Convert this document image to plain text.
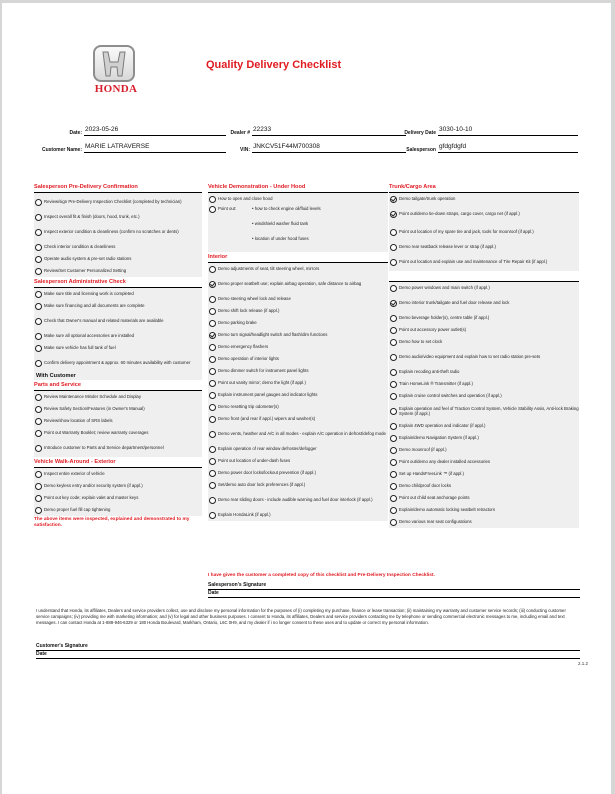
HONDA
Quality Delivery Checklist
Date: 2023-05-26	Dealer # 22233	Delivery Date 3030-10-10
Customer Name: MARIE LATRAVERSE	VIN: JNKCV51F44M700308	Salesperson gfdgfdgfd
Salesperson Pre-Delivery Confirmation
Review/sign Pre-Delivery Inspection Checklist (completed by technician)
Inspect overall fit & finish (doors, hood, trunk, etc.)
Inspect exterior condition & cleanliness (confirm no scratches or dents)
Check interior condition & cleanliness
Operate audio system & pre-set radio stations
Review/Set Customer Personalized Setting
Salesperson Administrative Check
Make sure title and licensing work is completed
Make sure financing and all documents are complete
Check that Owner's manual and related materials are available
Make sure all optional accessories are installed
Make sure vehicle has full tank of fuel
Confirm delivery appointment & approx. 60 minutes availability with customer
With Customer
Parts and Service
Review Maintenance Minder Schedule and Display
Review Safety Section/Features (in Owner's Manual)
Review/show location of SRS labels
Point out Warranty Booklet; review warranty coverages
Introduce customer to Parts and Service department/personnel
Vehicle Walk-Around - Exterior
Inspect entire exterior of vehicle
Demo keyless entry and/or security system (if appl.)
Point out key code; explain valet and master keys
Demo proper fuel fill cap tightening
The above items were inspected, explained and demonstrated to my satisfaction.
Vehicle Demonstration - Under Hood
How to open and close hood
Point out:	• how to check engine oil/fluid levels
• windshield washer fluid tank
• location of under hood fuses
Interior
Demo adjustments of seat, tilt steering wheel, mirrors
Demo proper seatbelt use; explain airbag operation, safe distance to airbag
Demo steering wheel lock and release
Demo shift lock release (if appl.)
Demo parking brake
Demo turn signal/headlight switch and flash/dim functions
Demo emergency flashers
Demo operation of interior lights
Demo dimmer switch for instrument panel lights
Point out vanity mirror; demo the light (if appl.)
Explain instrument panel gauges and indicator lights
Demo resetting trip odometer(s)
Demo front (and rear if appl.) wipers and washer(s)
Demo vents, heather and A/C in all modes - explain A/C operation in defrost/defog mode
Explain operation of rear window defroster/defogger
Point out location of under-dash fuses
Demo power door locks/lockout prevention (if appl.)
Set/demo auto door lock preferences (if appl.)
Demo rear sliding doors - include audible warning and fuel door interlock (if appl.)
Explain HondaLink (if appl.)
Trunk/Cargo Area
Demo tailgate/trunk operation
Point out/demo tie-down straps, cargo cover, cargo net (if appl.)
Point out location of my spare tire and jack, tools for moonroof (if appl.)
Demo rear seatback release lever or strap (if appl.)
Point out location and explain use and maintenance of Tire Repair Kit (if appl.)
Demo power windows and main switch (if appl.)
Demo interior trunk/tailgate and fuel door release and lock
Demo beverage holder(s), centre table (if appl.)
Point out accessory power outlet(s)
Demo how to set clock
Demo audio/video equipment and explain how to set radio station pre-sets
Explain recoding anti-theft radio
Train HomeLink ® Transmitter (if appl.)
Explain cruise control switches and operation (if appl.)
Explain operation and feel of Traction Control System, Vehicle Stability Assis, Anti-lock Braking System (if appl.)
Explain 4WD operation and indicator (if appl.)
Explain/demo Navigation System (if appl.)
Demo moonroof (if appl.)
Point out/demo any dealer installed accessories
Set up HandsFreeLink ™ (if appl.)
Demo childproof door locks
Point out child seat anchorage points
Explain/demo automatic locking seatbelt retractors
Demo various rear seat configurations
I have given the customer a completed copy of this checklist and Pre-Delivery Inspection Checklist.
Salesperson's Signature
Date
I understand that Honda, its affiliates, Dealers and service providers collect, use and disclose my personal information for the purposes of (i) completing my purchase, finance or lease transaction; (ii) maintaining my warranty and customer service records; (iii) conducting customer service campaigns; (iv) providing me with marketing information; and (v) for legal and other business purposes. I consent to Honda, its affiliates, Dealers and service providers contacting me by telephone or sending commercial electronic messages to me, including email and text messages. I can contact Honda at 1-888-946-6329 or 180 Honda Boulevard, Markham, Ontario, L6C 0H9, and my dealer if i no longer consent to these uses and to update or correct my personal information.
Customer's Signature
Date
2.1.2
